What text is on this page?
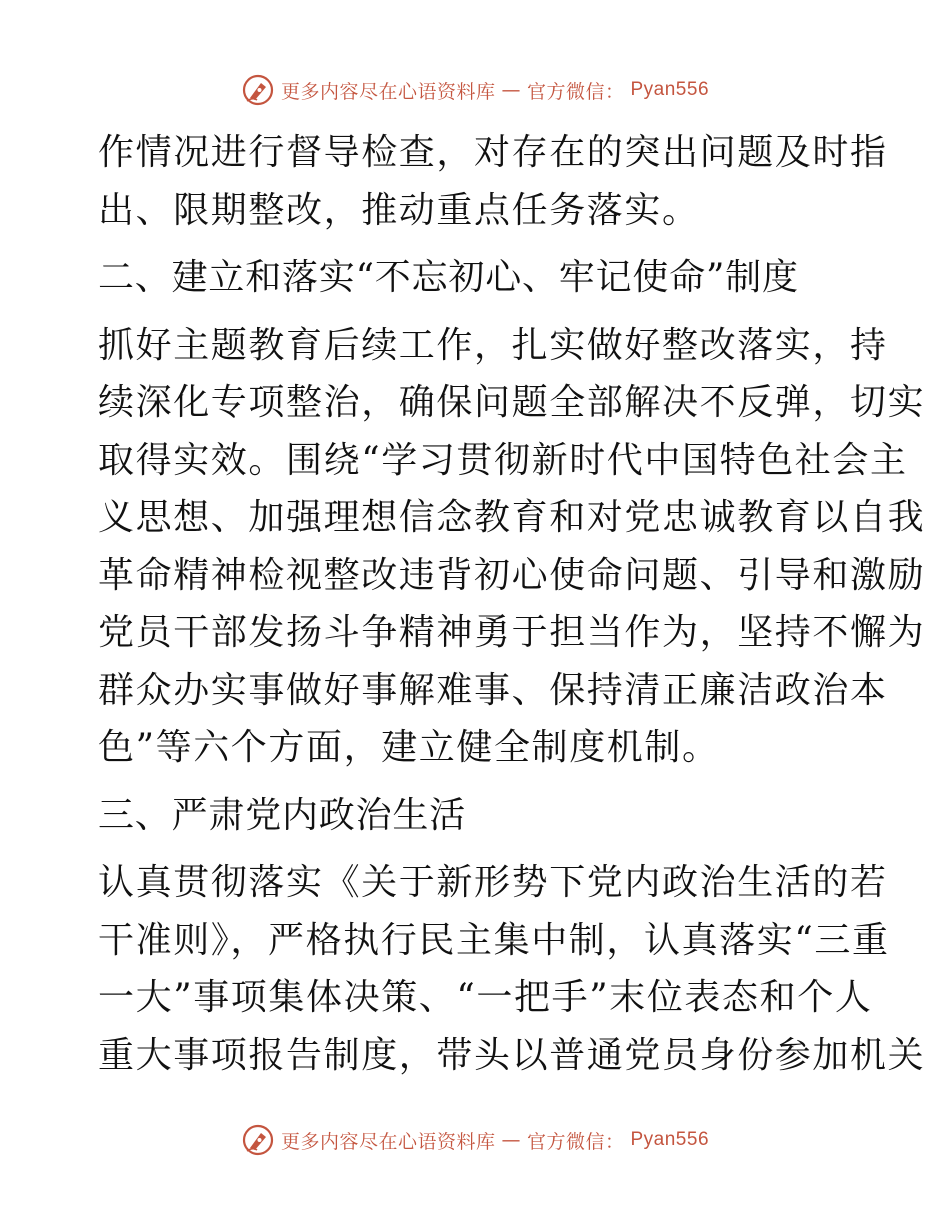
更多内容尽在心语资料库 — 官方微信： Pyan556
作情况进行督导检查，对存在的突出问题及时指
出、限期整改，推动重点任务落实。
二、建立和落实“不忘初心、牢记使命”制度
抓好主题教育后续工作，扎实做好整改落实，持
续深化专项整治，确保问题全部解决不反弹，切实
取得实效。围绕“学习贯彻新时代中国特色社会主
义思想、加强理想信念教育和对党忠诚教育以自我
革命精神检视整改违背初心使命问题、引导和激励
党员干部发扬斗争精神勇于担当作为，坚持不懈为
群众办实事做好事解难事、保持清正廉洁政治本
色”等六个方面，建立健全制度机制。
三、严肃党内政治生活
认真贯彻落实《关于新形势下党内政治生活的若
干准则》，严格执行民主集中制，认真落实“三重
一大”事项集体决策、“一把手”末位表态和个人
重大事项报告制度，带头以普通党员身份参加机关
更多内容尽在心语资料库 — 官方微信： Pyan556
